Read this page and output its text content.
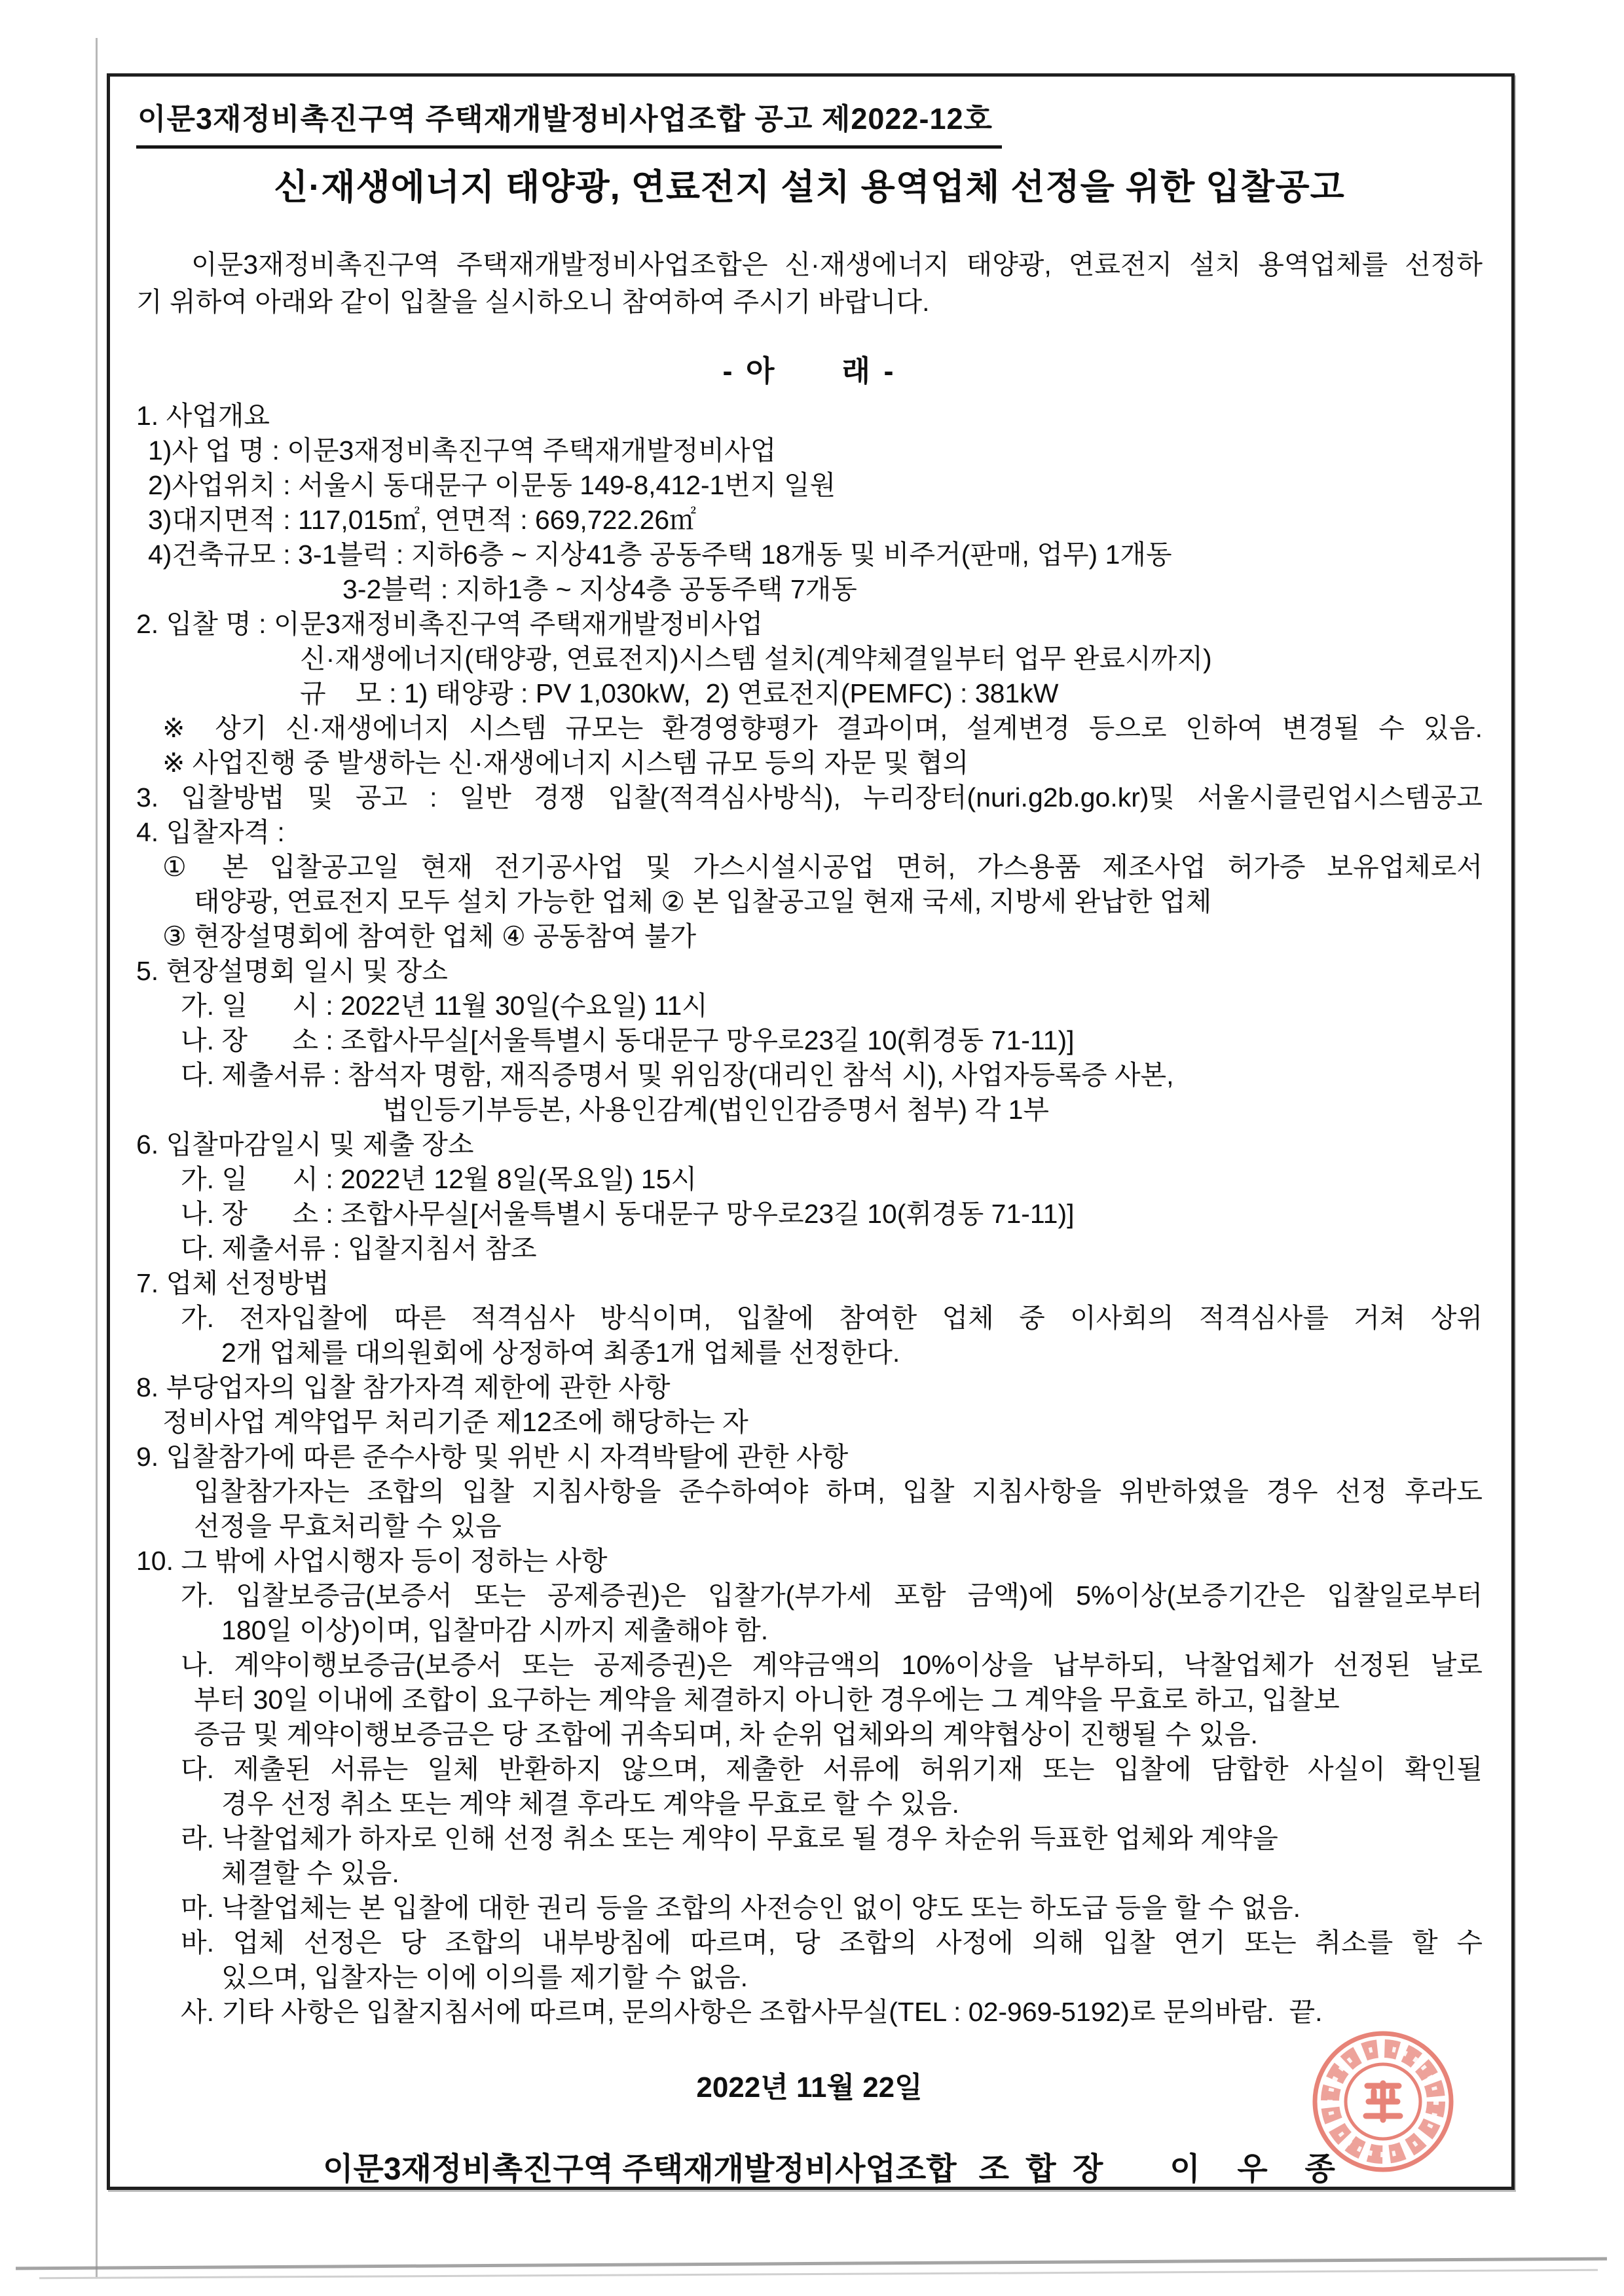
이문3재정비촉진구역 주택재개발정비사업조합 공고 제2022-12호
신·재생에너지 태양광, 연료전지 설치 용역업체 선정을 위한 입찰공고
이문3재정비촉진구역 주택재개발정비사업조합은 신·재생에너지 태양광, 연료전지 설치 용역업체를 선정하
기 위하여 아래와 같이 입찰을 실시하오니 참여하여 주시기 바랍니다.
- 아      래 -
1. 사업개요
1)사 업 명 : 이문3재정비촉진구역 주택재개발정비사업
2)사업위치 : 서울시 동대문구 이문동 149-8,412-1번지 일원
3)대지면적 : 117,015㎡, 연면적 : 669,722.26㎡
4)건축규모 : 3-1블럭 : 지하6층 ~ 지상41층 공동주택 18개동 및 비주거(판매, 업무) 1개동
3-2블럭 : 지하1층 ~ 지상4층 공동주택 7개동
2. 입찰 명 : 이문3재정비촉진구역 주택재개발정비사업
신·재생에너지(태양광, 연료전지)시스템 설치(계약체결일부터 업무 완료시까지)
규    모 : 1) 태양광 : PV 1,030kW,  2) 연료전지(PEMFC) : 381kW
※ 상기 신·재생에너지 시스템 규모는 환경영향평가 결과이며, 설계변경 등으로 인하여 변경될 수 있음.
※ 사업진행 중 발생하는 신·재생에너지 시스템 규모 등의 자문 및 협의
3. 입찰방법 및 공고 : 일반 경쟁 입찰(적격심사방식), 누리장터(nuri.g2b.go.kr)및 서울시클린업시스템공고
4. 입찰자격 :
① 본 입찰공고일 현재 전기공사업 및 가스시설시공업 면허, 가스용품 제조사업 허가증 보유업체로서
태양광, 연료전지 모두 설치 가능한 업체 ② 본 입찰공고일 현재 국세, 지방세 완납한 업체
③ 현장설명회에 참여한 업체 ④ 공동참여 불가
5. 현장설명회 일시 및 장소
가. 일      시 : 2022년 11월 30일(수요일) 11시
나. 장      소 : 조합사무실[서울특별시 동대문구 망우로23길 10(휘경동 71-11)]
다. 제출서류 : 참석자 명함, 재직증명서 및 위임장(대리인 참석 시), 사업자등록증 사본,
법인등기부등본, 사용인감계(법인인감증명서 첨부) 각 1부
6. 입찰마감일시 및 제출 장소
가. 일      시 : 2022년 12월 8일(목요일) 15시
나. 장      소 : 조합사무실[서울특별시 동대문구 망우로23길 10(휘경동 71-11)]
다. 제출서류 : 입찰지침서 참조
7. 업체 선정방법
가. 전자입찰에 따른 적격심사 방식이며, 입찰에 참여한 업체 중 이사회의 적격심사를 거쳐 상위
2개 업체를 대의원회에 상정하여 최종1개 업체를 선정한다.
8. 부당업자의 입찰 참가자격 제한에 관한 사항
정비사업 계약업무 처리기준 제12조에 해당하는 자
9. 입찰참가에 따른 준수사항 및 위반 시 자격박탈에 관한 사항
입찰참가자는 조합의 입찰 지침사항을 준수하여야 하며, 입찰 지침사항을 위반하였을 경우 선정 후라도
선정을 무효처리할 수 있음
10. 그 밖에 사업시행자 등이 정하는 사항
가. 입찰보증금(보증서 또는 공제증권)은 입찰가(부가세 포함 금액)에 5%이상(보증기간은 입찰일로부터
180일 이상)이며, 입찰마감 시까지 제출해야 함.
나. 계약이행보증금(보증서 또는 공제증권)은 계약금액의 10%이상을 납부하되, 낙찰업체가 선정된 날로
부터 30일 이내에 조합이 요구하는 계약을 체결하지 아니한 경우에는 그 계약을 무효로 하고, 입찰보
증금 및 계약이행보증금은 당 조합에 귀속되며, 차 순위 업체와의 계약협상이 진행될 수 있음.
다. 제출된 서류는 일체 반환하지 않으며, 제출한 서류에 허위기재 또는 입찰에 담합한 사실이 확인될
경우 선정 취소 또는 계약 체결 후라도 계약을 무효로 할 수 있음.
라. 낙찰업체가 하자로 인해 선정 취소 또는 계약이 무효로 될 경우 차순위 득표한 업체와 계약을
체결할 수 있음.
마. 낙찰업체는 본 입찰에 대한 권리 등을 조합의 사전승인 없이 양도 또는 하도급 등을 할 수 없음.
바. 업체 선정은 당 조합의 내부방침에 따르며, 당 조합의 사정에 의해 입찰 연기 또는 취소를 할 수
있으며, 입찰자는 이에 이의를 제기할 수 없음.
사. 기타 사항은 입찰지침서에 따르며, 문의사항은 조합사무실(TEL : 02-969-5192)로 문의바람.  끝.
2022년 11월 22일
이문3재정비촉진구역 주택재개발정비사업조합 조 합 장 이  우  종
